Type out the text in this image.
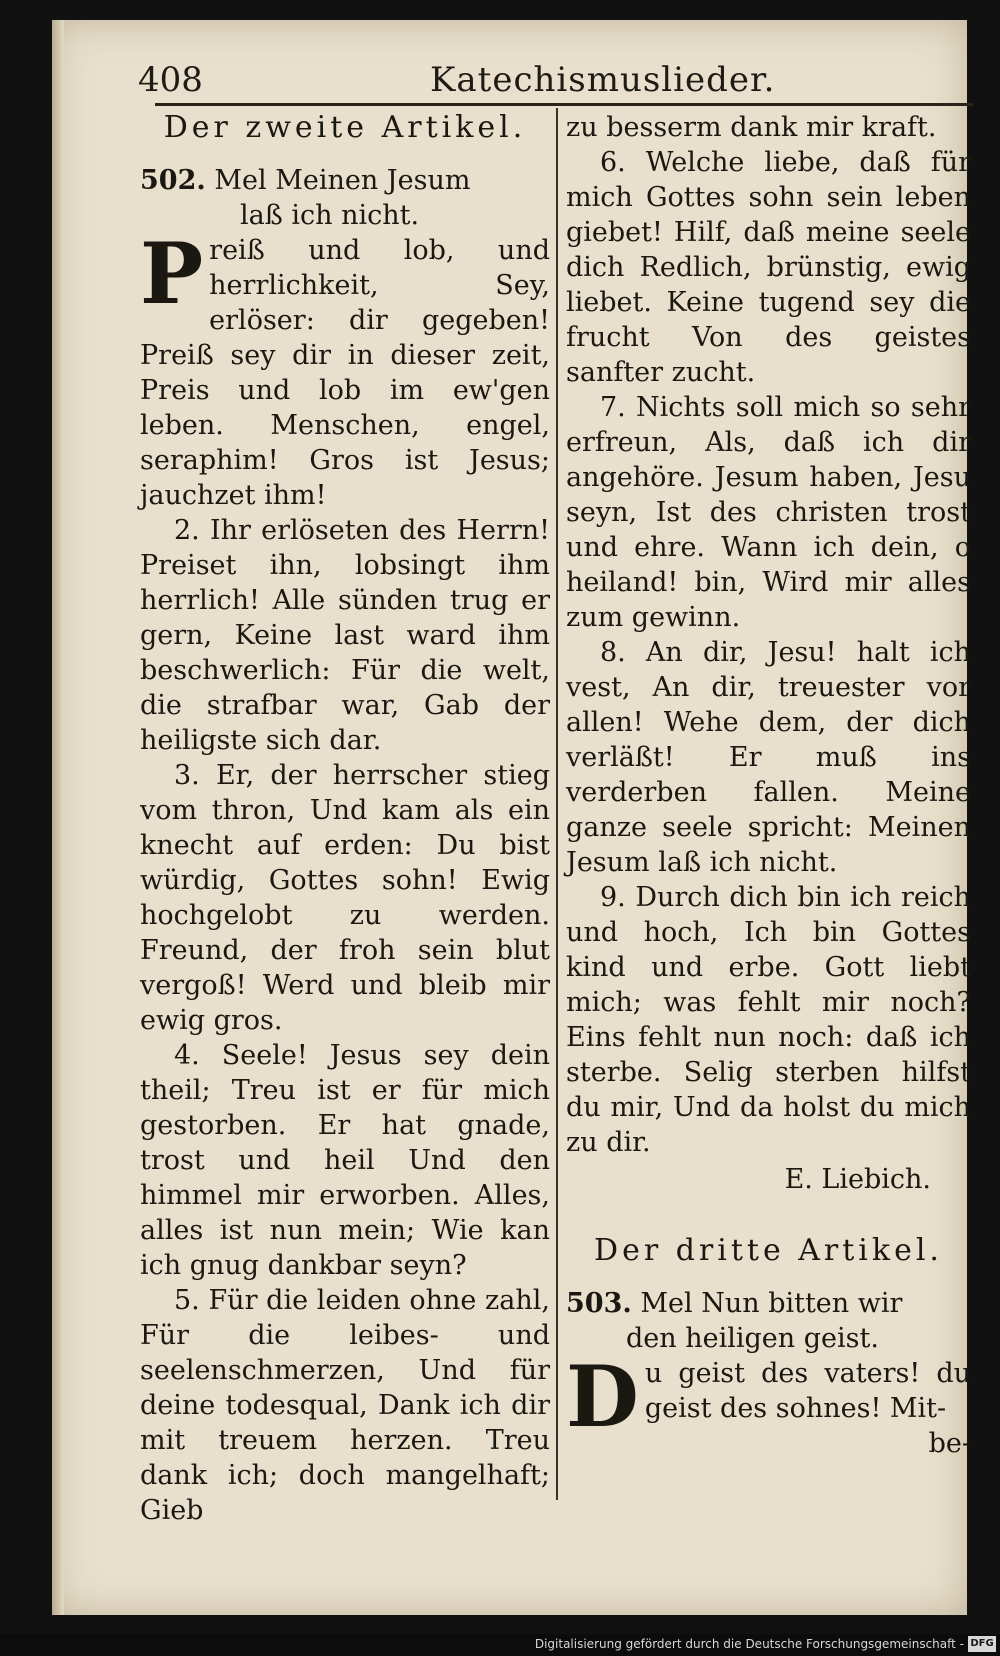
408	Katechismuslieder.

Der zweite Artikel.

502. Mel Meinen Jesum

laß ich nicht.

P reiß und lob, und herrlichkeit, Sey, erlöser: dir gegeben! Preiß sey dir in dieser zeit, Preis und lob im ew'gen leben. Menschen, engel, seraphim! Gros ist Jesus; jauchzet ihm!

2. Ihr erlöseten des Herrn! Preiset ihn, lobsingt ihm herrlich! Alle sünden trug er gern, Keine last ward ihm beschwerlich: Für die welt, die strafbar war, Gab der heiligste sich dar.

3. Er, der herrscher stieg vom thron, Und kam als ein knecht auf erden: Du bist würdig, Gottes sohn! Ewig hochgelobt zu werden. Freund, der froh sein blut vergoß! Werd und bleib mir ewig gros.

4. Seele! Jesus sey dein theil; Treu ist er für mich gestorben. Er hat gnade, trost und heil Und den himmel mir erworben. Alles, alles ist nun mein; Wie kan ich gnug dankbar seyn?

5. Für die leiden ohne zahl, Für die leibes- und seelenschmerzen, Und für deine todesqual, Dank ich dir mit treuem herzen. Treu dank ich; doch mangelhaft; Gieb

zu besserm dank mir kraft.

6. Welche liebe, daß für mich Gottes sohn sein leben giebet! Hilf, daß meine seele dich Redlich, brünstig, ewig liebet. Keine tugend sey die frucht Von des geistes sanfter zucht.

7. Nichts soll mich so sehr erfreun, Als, daß ich dir angehöre. Jesum haben, Jesu seyn, Ist des christen trost und ehre. Wann ich dein, o heiland! bin, Wird mir alles zum gewinn.

8. An dir, Jesu! halt ich vest, An dir, treuester vor allen! Wehe dem, der dich verläßt! Er muß ins verderben fallen. Meine ganze seele spricht: Meinen Jesum laß ich nicht.

9. Durch dich bin ich reich und hoch, Ich bin Gottes kind und erbe. Gott liebt mich; was fehlt mir noch? Eins fehlt nun noch: daß ich sterbe. Selig sterben hilfst du mir, Und da holst du mich zu dir.

E. Liebich.

Der dritte Artikel.

503. Mel Nun bitten wir

den heiligen geist.

D u geist des vaters! du geist des sohnes! Mit-

be-

Digitalisierung gefördert durch die Deutsche Forschungsgemeinschaft - DFG
